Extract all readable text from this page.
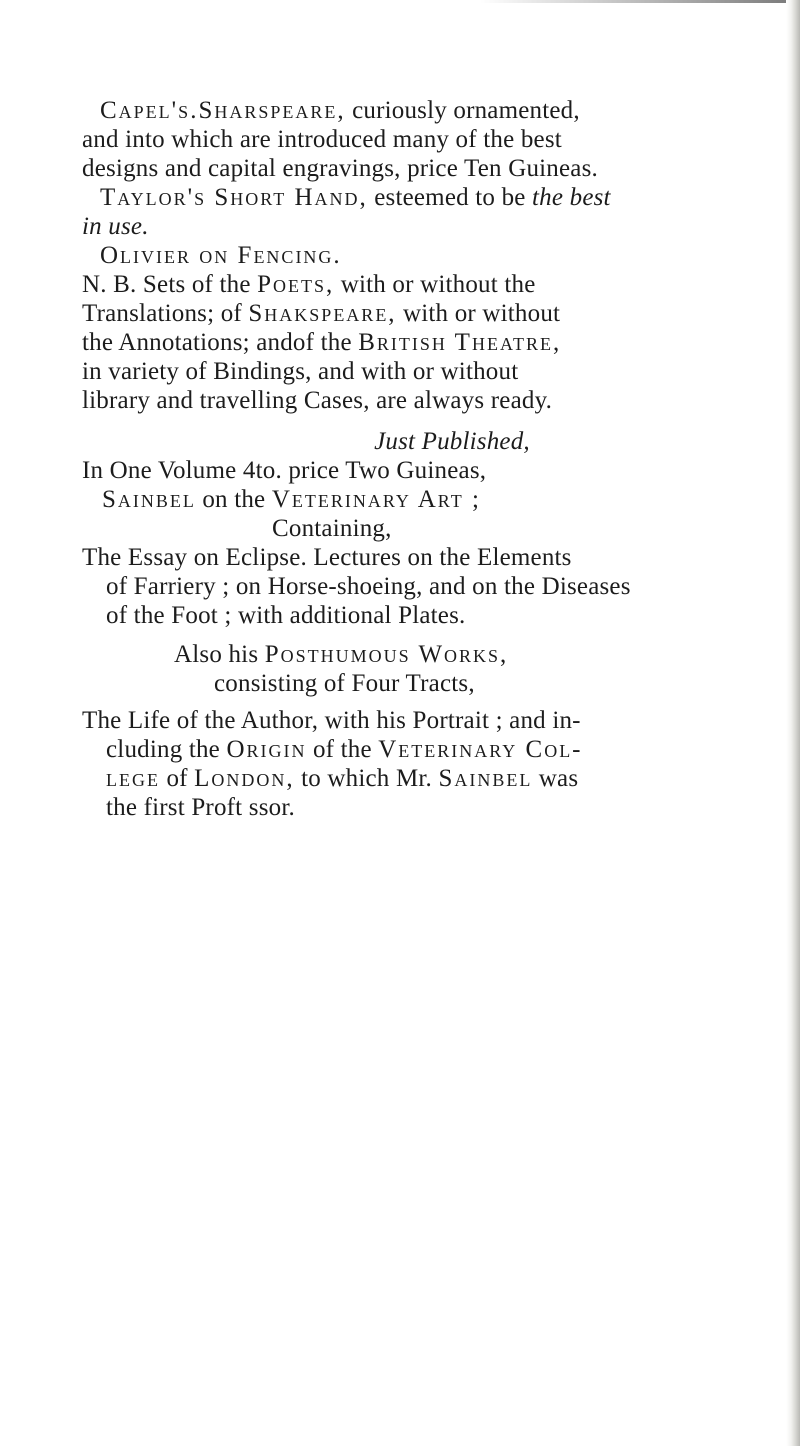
Capel's.Sharspeare, curiously ornamented,
and into which are introduced many of the best
designs and capital engravings, price Ten Guineas.
Taylor's Short Hand, esteemed to be the best
in use.
Olivier on Fencing.
N. B. Sets of the Poets, with or without the
Translations; of Shakspeare, with or without
the Annotations; andof the British Theatre,
in variety of Bindings, and with or without
library and travelling Cases, are always ready.
Just Published,
In One Volume 4to. price Two Guineas,
Sainbel on the Veterinary Art ;
Containing,
The Essay on Eclipse. Lectures on the Elements
of Farriery ; on Horse-shoeing, and on the Diseases
of the Foot ; with additional Plates.
Also his Posthumous Works,
consisting of Four Tracts,
The Life of the Author, with his Portrait ; and in-
cluding the Origin of the Veterinary Col-
lege of London, to which Mr. Sainbel was
the first Proft ssor.
